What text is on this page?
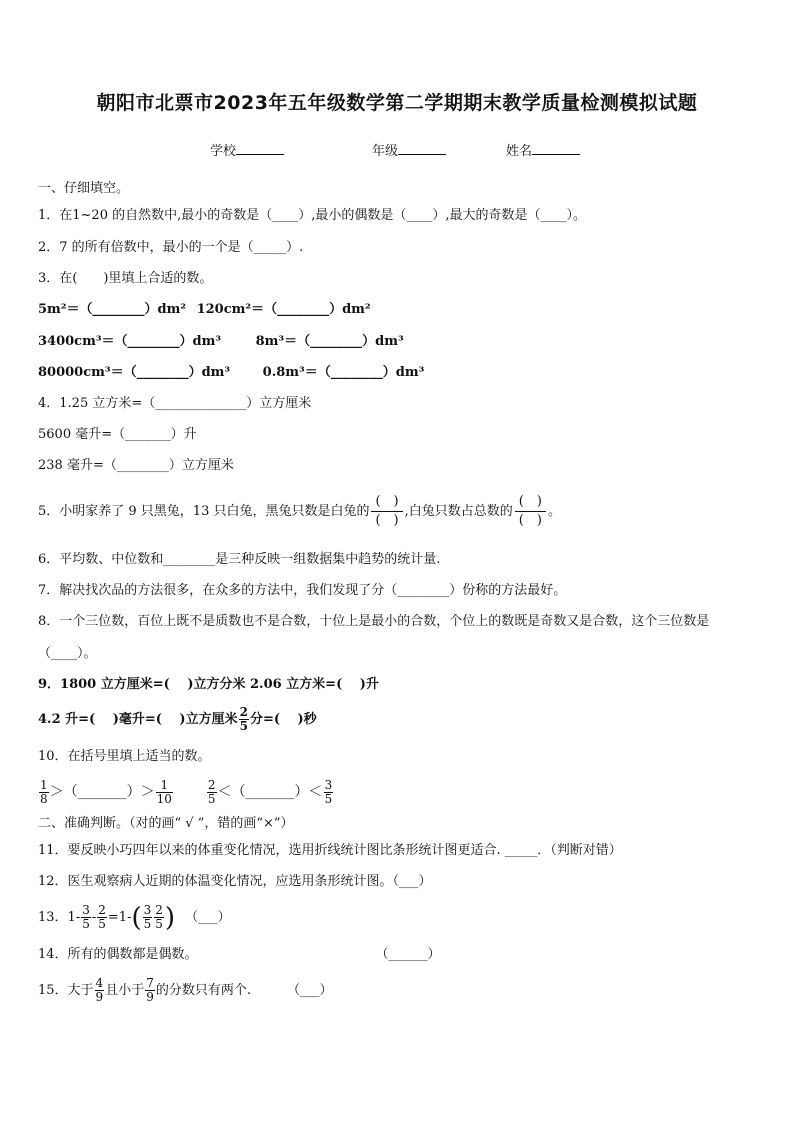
朝阳市北票市2023年五年级数学第二学期期末教学质量检测模拟试题
学校	年级	姓名
一、仔细填空。
1．在1~20 的自然数中,最小的奇数是（____）,最小的偶数是（____）,最大的奇数是（____）。
2．7 的所有倍数中，最小的一个是（_____）.
3．在(　　)里填上合适的数。
5m²＝（________）dm² 120cm²＝（________）dm²
3400cm³＝（________）dm³	8m³＝（________）dm³
80000cm³＝（________）dm³	0.8m³＝（________）dm³
4．1.25 立方米=（______________）立方厘米
5600 毫升=（_______）升
238 毫升=（________）立方厘米
5．小明家养了 9 只黑兔，13 只白兔，黑兔只数是白兔的 $\frac{( )}{( )}$ ,白兔只数占总数的 $\frac{( )}{( )}$ 。
6．平均数、中位数和________是三种反映一组数据集中趋势的统计量.
7．解决找次品的方法很多，在众多的方法中，我们发现了分（________）份称的方法最好。
8．一个三位数，百位上既不是质数也不是合数，十位上是最小的合数，个位上的数既是奇数又是合数，这个三位数是
（____）。
9．1800 立方厘米=(　 )立方分米 2.06 立方米=(　 )升
4.2 升=(　 )毫升=(　 )立方厘米 $\frac{2}{5}$ 分=(　 )秒
10．在括号里填上适当的数。
$\frac{1}{8}$ ＞（_______）＞ $\frac{1}{10}$	$\frac{2}{5}$ ＜（_______）＜ $\frac{3}{5}$
二、准确判断。（对的画“ √ ”，错的画“×”）
11．要反映小巧四年以来的体重变化情况，选用折线统计图比条形统计图更适合. _____．（判断对错）
12．医生观察病人近期的体温变化情况，应选用条形统计图。（___）
13．$1- \frac{3}{5} - \frac{2}{5} =1-( \frac{3}{5} \frac{2}{5}$ ) （___）
14．所有的偶数都是偶数。	（______）
15．大于 $\frac{4}{9}$ 且小于 $\frac{7}{9}$ 的分数只有两个.	（___）
